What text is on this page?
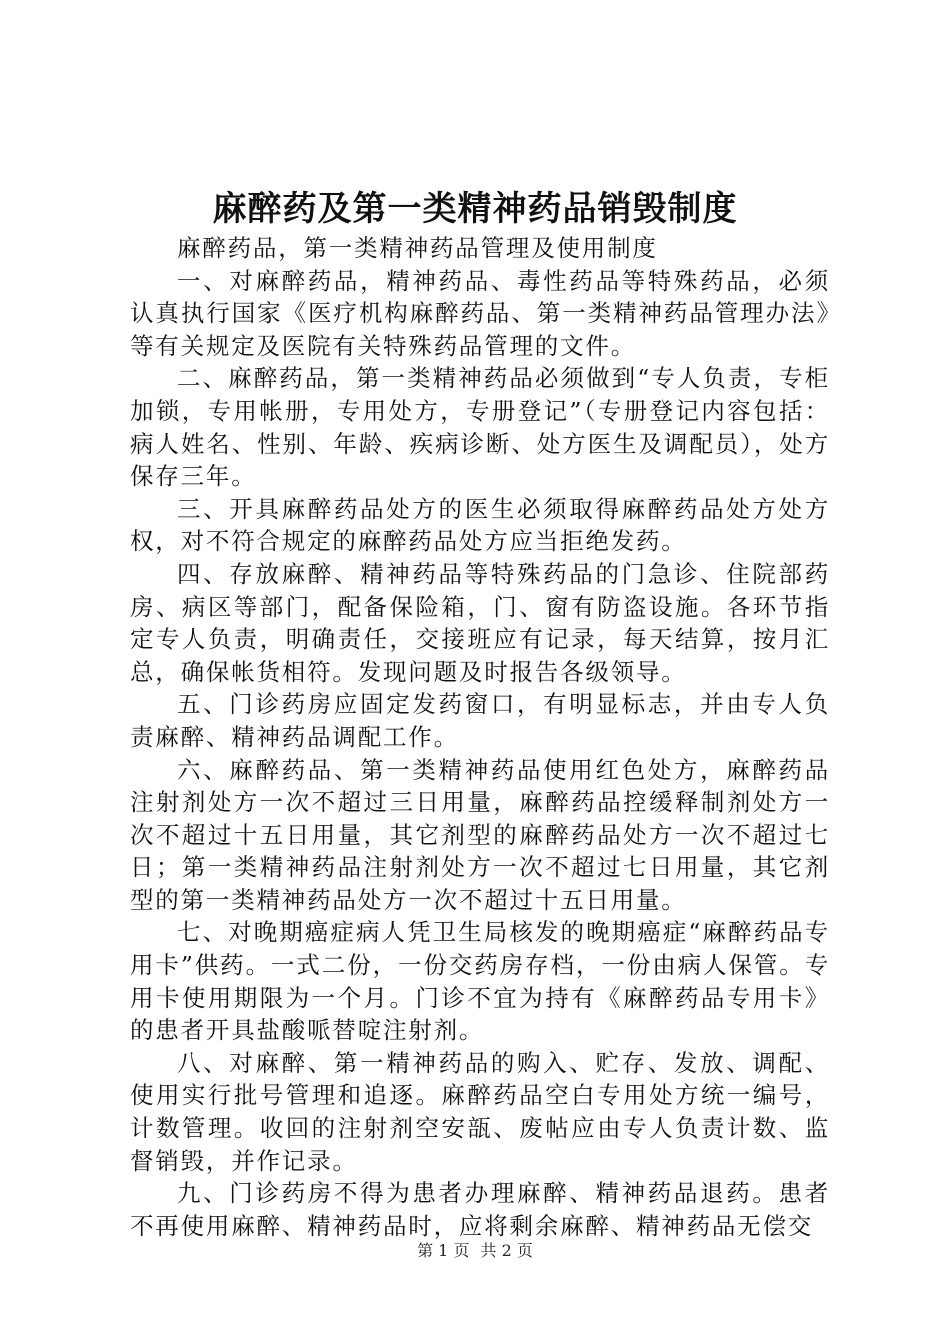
麻醉药及第一类精神药品销毁制度

麻醉药品，第一类精神药品管理及使用制度

一、对麻醉药品，精神药品、毒性药品等特殊药品，必须认真执行国家《医疗机构麻醉药品、第一类精神药品管理办法》等有关规定及医院有关特殊药品管理的文件。

二、麻醉药品，第一类精神药品必须做到“专人负责，专柜加锁，专用帐册，专用处方，专册登记”（专册登记内容包括：病人姓名、性别、年龄、疾病诊断、处方医生及调配员），处方保存三年。

三、开具麻醉药品处方的医生必须取得麻醉药品处方处方权，对不符合规定的麻醉药品处方应当拒绝发药。

四、存放麻醉、精神药品等特殊药品的门急诊、住院部药房、病区等部门，配备保险箱，门、窗有防盗设施。各环节指定专人负责，明确责任，交接班应有记录，每天结算，按月汇总，确保帐货相符。发现问题及时报告各级领导。

五、门诊药房应固定发药窗口，有明显标志，并由专人负责麻醉、精神药品调配工作。

六、麻醉药品、第一类精神药品使用红色处方，麻醉药品注射剂处方一次不超过三日用量，麻醉药品控缓释制剂处方一次不超过十五日用量，其它剂型的麻醉药品处方一次不超过七日；第一类精神药品注射剂处方一次不超过七日用量，其它剂型的第一类精神药品处方一次不超过十五日用量。

七、对晚期癌症病人凭卫生局核发的晚期癌症“麻醉药品专用卡”供药。一式二份，一份交药房存档，一份由病人保管。专用卡使用期限为一个月。门诊不宜为持有《麻醉药品专用卡》的患者开具盐酸哌替啶注射剂。

八、对麻醉、第一精神药品的购入、贮存、发放、调配、使用实行批号管理和追逐。麻醉药品空白专用处方统一编号，计数管理。收回的注射剂空安瓿、废帖应由专人负责计数、监督销毁，并作记录。

九、门诊药房不得为患者办理麻醉、精神药品退药。患者不再使用麻醉、精神药品时，应将剩余麻醉、精神药品无偿交

第 1 页 共 2 页
